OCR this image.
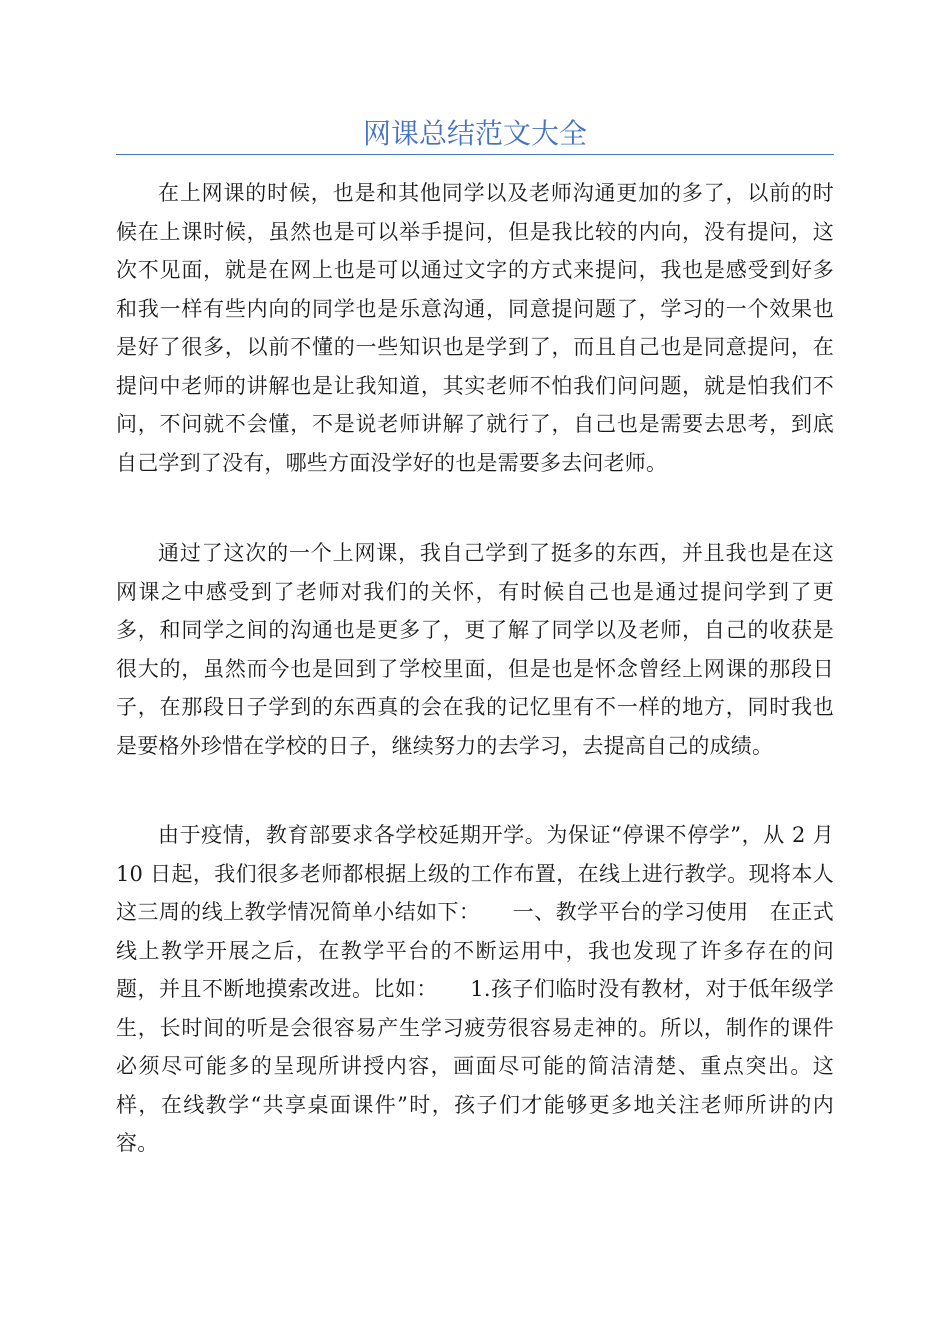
网课总结范文大全

在上网课的时候，也是和其他同学以及老师沟通更加的多了，以前的时候在上课时候，虽然也是可以举手提问，但是我比较的内向，没有提问，这次不见面，就是在网上也是可以通过文字的方式来提问，我也是感受到好多和我一样有些内向的同学也是乐意沟通，同意提问题了，学习的一个效果也是好了很多，以前不懂的一些知识也是学到了，而且自己也是同意提问，在提问中老师的讲解也是让我知道，其实老师不怕我们问问题，就是怕我们不问，不问就不会懂，不是说老师讲解了就行了，自己也是需要去思考，到底自己学到了没有，哪些方面没学好的也是需要多去问老师。

通过了这次的一个上网课，我自己学到了挺多的东西，并且我也是在这网课之中感受到了老师对我们的关怀，有时候自己也是通过提问学到了更多，和同学之间的沟通也是更多了，更了解了同学以及老师，自己的收获是很大的，虽然而今也是回到了学校里面，但是也是怀念曾经上网课的那段日子，在那段日子学到的东西真的会在我的记忆里有不一样的地方，同时我也是要格外珍惜在学校的日子，继续努力的去学习，去提高自己的成绩。

由于疫情，教育部要求各学校延期开学。为保证“停课不停学”，从 2 月 10 日起，我们很多老师都根据上级的工作布置，在线上进行教学。现将本人这三周的线上教学情况简单小结如下：　　一、教学平台的学习使用　在正式线上教学开展之后，在教学平台的不断运用中，我也发现了许多存在的问题，并且不断地摸索改进。比如：　　1.孩子们临时没有教材，对于低年级学生，长时间的听是会很容易产生学习疲劳很容易走神的。所以，制作的课件必须尽可能多的呈现所讲授内容，画面尽可能的简洁清楚、重点突出。这样，在线教学“共享桌面课件”时，孩子们才能够更多地关注老师所讲的内容。
